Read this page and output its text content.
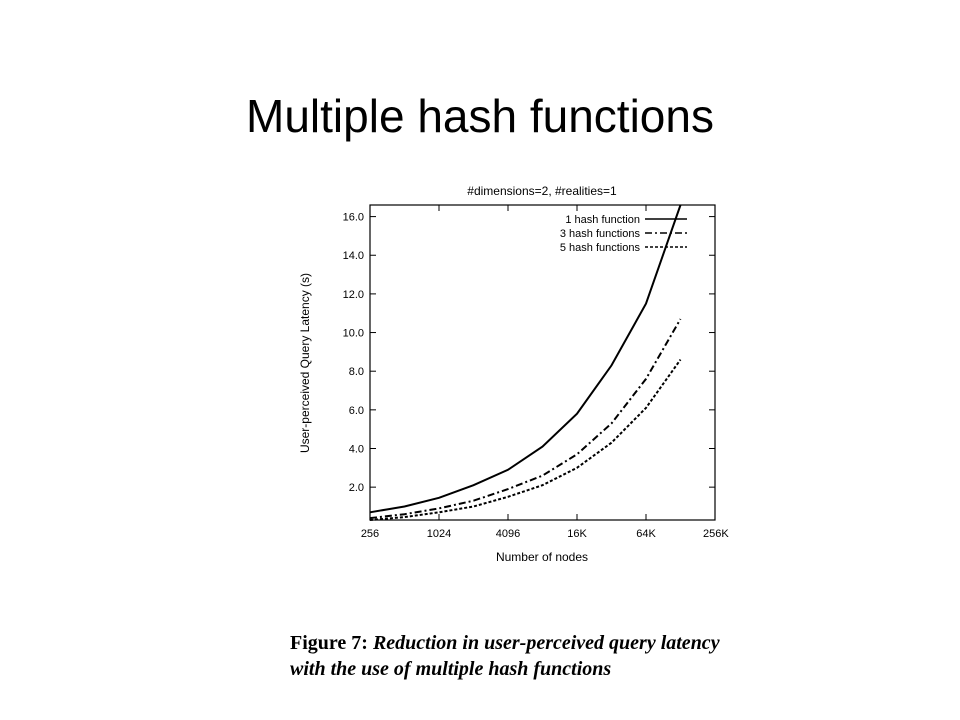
Multiple hash functions
#dimensions=2, #realities=1
2.0
4.0
6.0
8.0
10.0
12.0
14.0
16.0
256	1024	4096	16K	64K	256K
1 hash function
3 hash functions
5 hash functions
Number of nodes
User-perceived Query Latency (s)
Figure 7: Reduction in user-perceived query latency with the use of multiple hash functions
